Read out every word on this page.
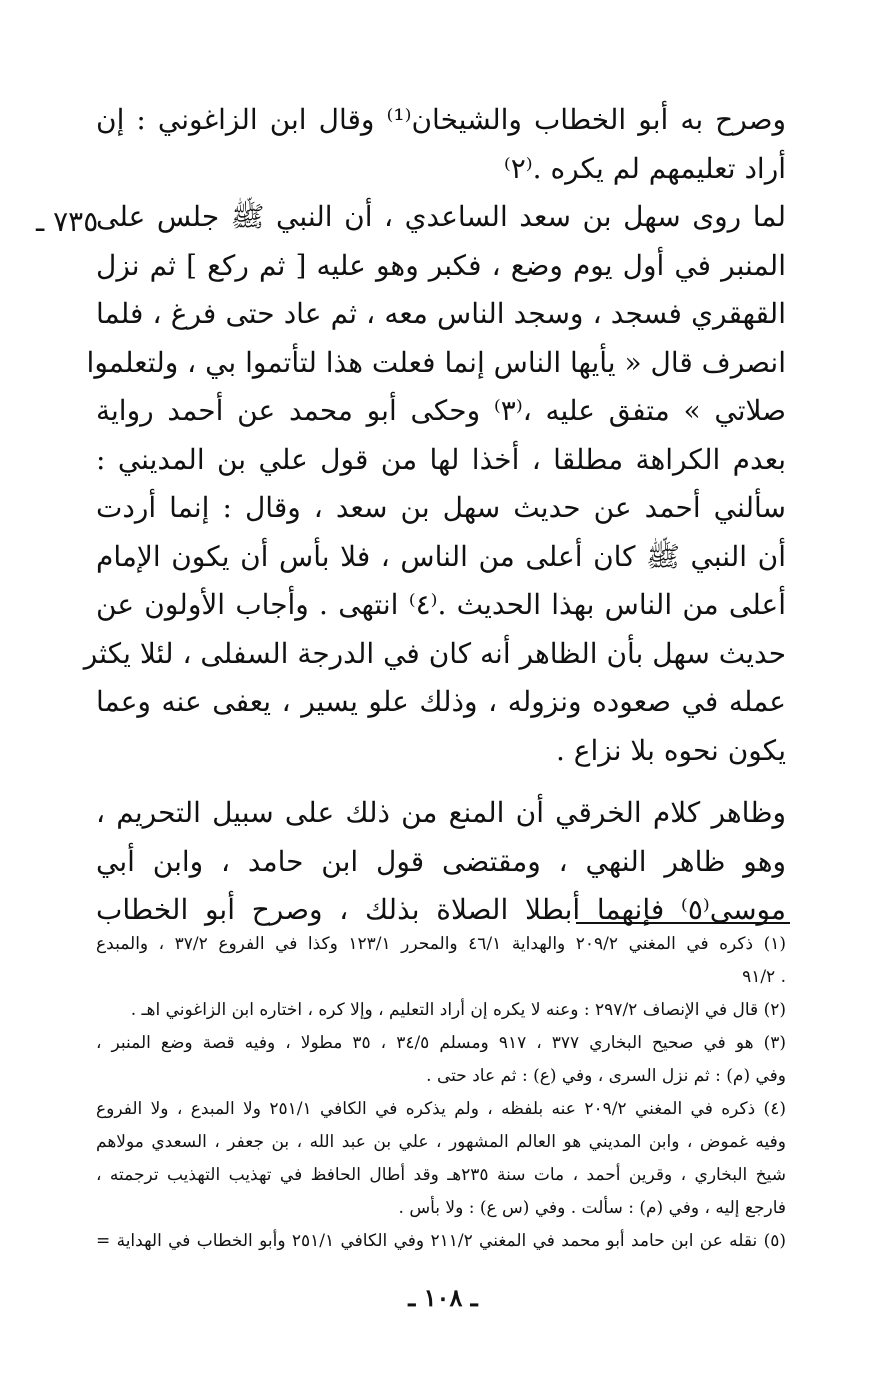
٧٣٥ ـ
وصرح به أبو الخطاب والشيخان⁽¹⁾ وقال ابن الزاغوني : إن
أراد تعليمهم لم يكره .⁽٢⁾
لما روى سهل بن سعد الساعدي ، أن النبي ﷺ جلس على
المنبر في أول يوم وضع ، فكبر وهو عليه [ ثم ركع ] ثم نزل
القهقري فسجد ، وسجد الناس معه ، ثم عاد حتى فرغ ، فلما
انصرف قال « يأيها الناس إنما فعلت هذا لتأتموا بي ، ولتعلموا
صلاتي » متفق عليه ،⁽٣⁾ وحكى أبو محمد عن أحمد رواية
بعدم الكراهة مطلقا ، أخذا لها من قول علي بن المديني :
سألني أحمد عن حديث سهل بن سعد ، وقال : إنما أردت
أن النبي ﷺ كان أعلى من الناس ، فلا بأس أن يكون الإمام
أعلى من الناس بهذا الحديث .⁽٤⁾ انتهى . وأجاب الأولون عن
حديث سهل بأن الظاهر أنه كان في الدرجة السفلى ، لئلا يكثر
عمله في صعوده ونزوله ، وذلك علو يسير ، يعفى عنه وعما
يكون نحوه بلا نزاع .
وظاهر كلام الخرقي أن المنع من ذلك على سبيل التحريم ،
وهو ظاهر النهي ، ومقتضى قول ابن حامد ، وابن أبي
موسى⁽٥⁾ فإنهما أبطلا الصلاة بذلك ، وصرح أبو الخطاب
(١) ذكره في المغني ٢٠٩/٢ والهداية ٤٦/١ والمحرر ١٢٣/١ وكذا في الفروع ٣٧/٢ ، والمبدع
. ٩١/٢
(٢) قال في الإنصاف ٢٩٧/٢ : وعنه لا يكره إن أراد التعليم ، وإلا كره ، اختاره ابن الزاغوني اهـ .
(٣) هو في صحيح البخاري ٣٧٧ ، ٩١٧ ومسلم ٣٤/٥ ، ٣٥ مطولا ، وفيه قصة وضع المنبر ،
وفي (م) : ثم نزل السرى ، وفي (ع) : ثم عاد حتى .
(٤) ذكره في المغني ٢٠٩/٢ عنه بلفظه ، ولم يذكره في الكافي ٢٥١/١ ولا المبدع ، ولا الفروع
وفيه غموض ، وابن المديني هو العالم المشهور ، علي بن عبد الله ، بن جعفر ، السعدي مولاهم
شيخ البخاري ، وقرين أحمد ، مات سنة ٢٣٥هـ وقد أطال الحافظ في تهذيب التهذيب ترجمته ،
فارجع إليه ، وفي (م) : سألت . وفي (س ع) : ولا بأس .
(٥) نقله عن ابن حامد أبو محمد في المغني ٢١١/٢ وفي الكافي ٢٥١/١ وأبو الخطاب في الهداية =
ـ ١٠٨ ـ
